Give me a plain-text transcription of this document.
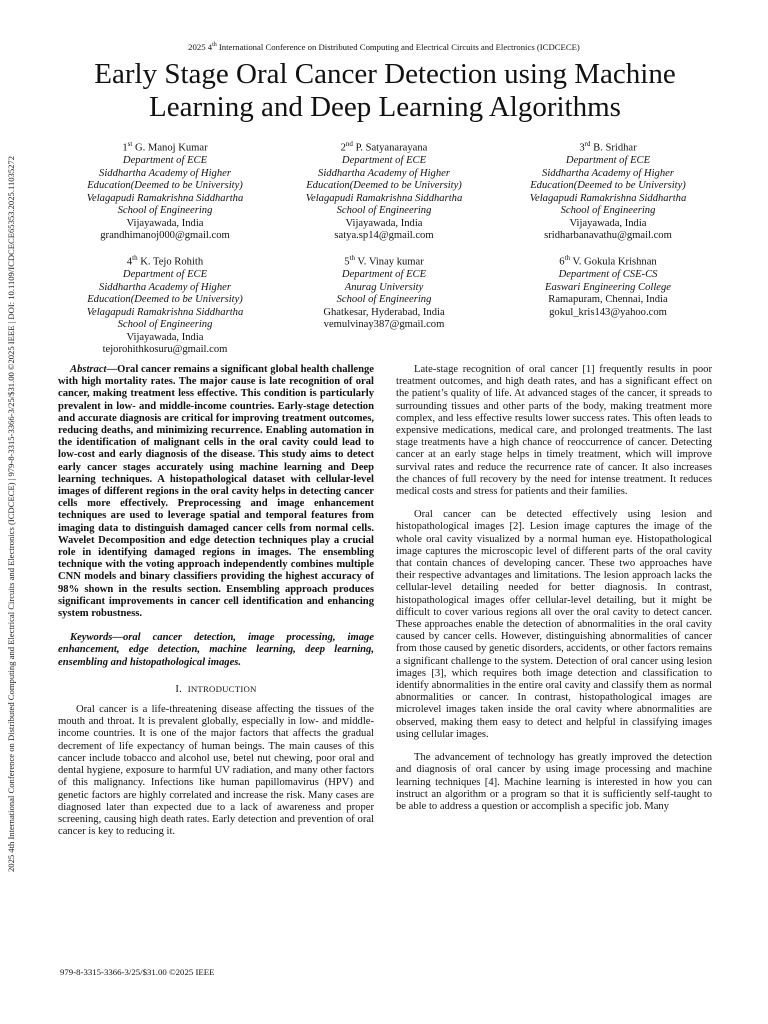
2025 4th International Conference on Distributed Computing and Electrical Circuits and Electronics (ICDCECE) | 979-8-3315-3366-3/25/$31.00 ©2025 IEEE | DOI: 10.1109/ICDCECE65353.2025.11035272
2025 4th International Conference on Distributed Computing and Electrical Circuits and Electronics (ICDCECE)
Early Stage Oral Cancer Detection using Machine Learning and Deep Learning Algorithms
1st G. Manoj Kumar
Department of ECE
Siddhartha Academy of Higher
Education(Deemed to be University)
Velagapudi Ramakrishna Siddhartha
School of Engineering
Vijayawada, India
grandhimanoj000@gmail.com
2nd P. Satyanarayana
Department of ECE
Siddhartha Academy of Higher
Education(Deemed to be University)
Velagapudi Ramakrishna Siddhartha
School of Engineering
Vijayawada, India
satya.sp14@gmail.com
3rd B. Sridhar
Department of ECE
Siddhartha Academy of Higher
Education(Deemed to be University)
Velagapudi Ramakrishna Siddhartha
School of Engineering
Vijayawada, India
sridharbanavathu@gmail.com
4th K. Tejo Rohith
Department of ECE
Siddhartha Academy of Higher
Education(Deemed to be University)
Velagapudi Ramakrishna Siddhartha
School of Engineering
Vijayawada, India
tejorohithkosuru@gmail.com
5th V. Vinay kumar
Department of ECE
Anurag University
School of Engineering
Ghatkesar, Hyderabad, India
vemulvinay387@gmail.com
6th V. Gokula Krishnan
Department of CSE-CS
Easwari Engineering College
Ramapuram, Chennai, India
gokul_kris143@yahoo.com

Abstract—Oral cancer remains a significant global health challenge with high mortality rates. The major cause is late recognition of oral cancer, making treatment less effective. This condition is particularly prevalent in low- and middle-income countries. Early-stage detection and accurate diagnosis are critical for improving treatment outcomes, reducing deaths, and minimizing recurrence. Enabling automation in the identification of malignant cells in the oral cavity could lead to low-cost and early diagnosis of the disease. This study aims to detect early cancer stages accurately using machine learning and Deep learning techniques. A histopathological dataset with cellular-level images of different regions in the oral cavity helps in detecting cancer cells more effectively. Preprocessing and image enhancement techniques are used to leverage spatial and temporal features from imaging data to distinguish damaged cancer cells from normal cells. Wavelet Decomposition and edge detection techniques play a crucial role in identifying damaged regions in images. The ensembling technique with the voting approach independently combines multiple CNN models and binary classifiers providing the highest accuracy of 98% shown in the results section. Ensembling approach produces significant improvements in cancer cell identification and enhancing system robustness.

Keywords—oral cancer detection, image processing, image enhancement, edge detection, machine learning, deep learning, ensembling and histopathological images.

I. INTRODUCTION

Oral cancer is a life-threatening disease affecting the tissues of the mouth and throat. It is prevalent globally, especially in low- and middle-income countries. It is one of the major factors that affects the gradual decrement of life expectancy of human beings. The main causes of this cancer include tobacco and alcohol use, betel nut chewing, poor oral and dental hygiene, exposure to harmful UV radiation, and many other factors of this malignancy. Infections like human papillomavirus (HPV) and genetic factors are highly correlated and increase the risk. Many cases are diagnosed later than expected due to a lack of awareness and proper screening, causing high death rates. Early detection and prevention of oral cancer is key to reducing it.

Late-stage recognition of oral cancer [1] frequently results in poor treatment outcomes, and high death rates, and has a significant effect on the patient’s quality of life. At advanced stages of the cancer, it spreads to surrounding tissues and other parts of the body, making treatment more complex, and less effective results lower success rates. This often leads to expensive medications, medical care, and prolonged treatments. The last stage treatments have a high chance of reoccurrence of cancer. Detecting cancer at an early stage helps in timely treatment, which will improve survival rates and reduce the recurrence rate of cancer. It also increases the chances of full recovery by the need for intense treatment. It reduces medical costs and stress for patients and their families.

Oral cancer can be detected effectively using lesion and histopathological images [2]. Lesion image captures the image of the whole oral cavity visualized by a normal human eye. Histopathological image captures the microscopic level of different parts of the oral cavity that contain chances of developing cancer. These two approaches have their respective advantages and limitations. The lesion approach lacks the cellular-level detailing needed for better diagnosis. In contrast, histopathological images offer cellular-level detailing, but it might be difficult to cover various regions all over the oral cavity to detect cancer. These approaches enable the detection of abnormalities in the oral cavity caused by cancer cells. However, distinguishing abnormalities of cancer from those caused by genetic disorders, accidents, or other factors remains a significant challenge to the system. Detection of oral cancer using lesion images [3], which requires both image detection and classification to identify abnormalities in the entire oral cavity and classify them as normal abnormalities or cancer. In contrast, histopathological images are microlevel images taken inside the oral cavity where abnormalities are observed, making them easy to detect and helpful in classifying images using cellular images.

The advancement of technology has greatly improved the detection and diagnosis of oral cancer by using image processing and machine learning techniques [4]. Machine learning is interested in how you can instruct an algorithm or a program so that it is sufficiently self-taught to be able to address a question or accomplish a specific job. Many

979-8-3315-3366-3/25/$31.00 ©2025 IEEE
